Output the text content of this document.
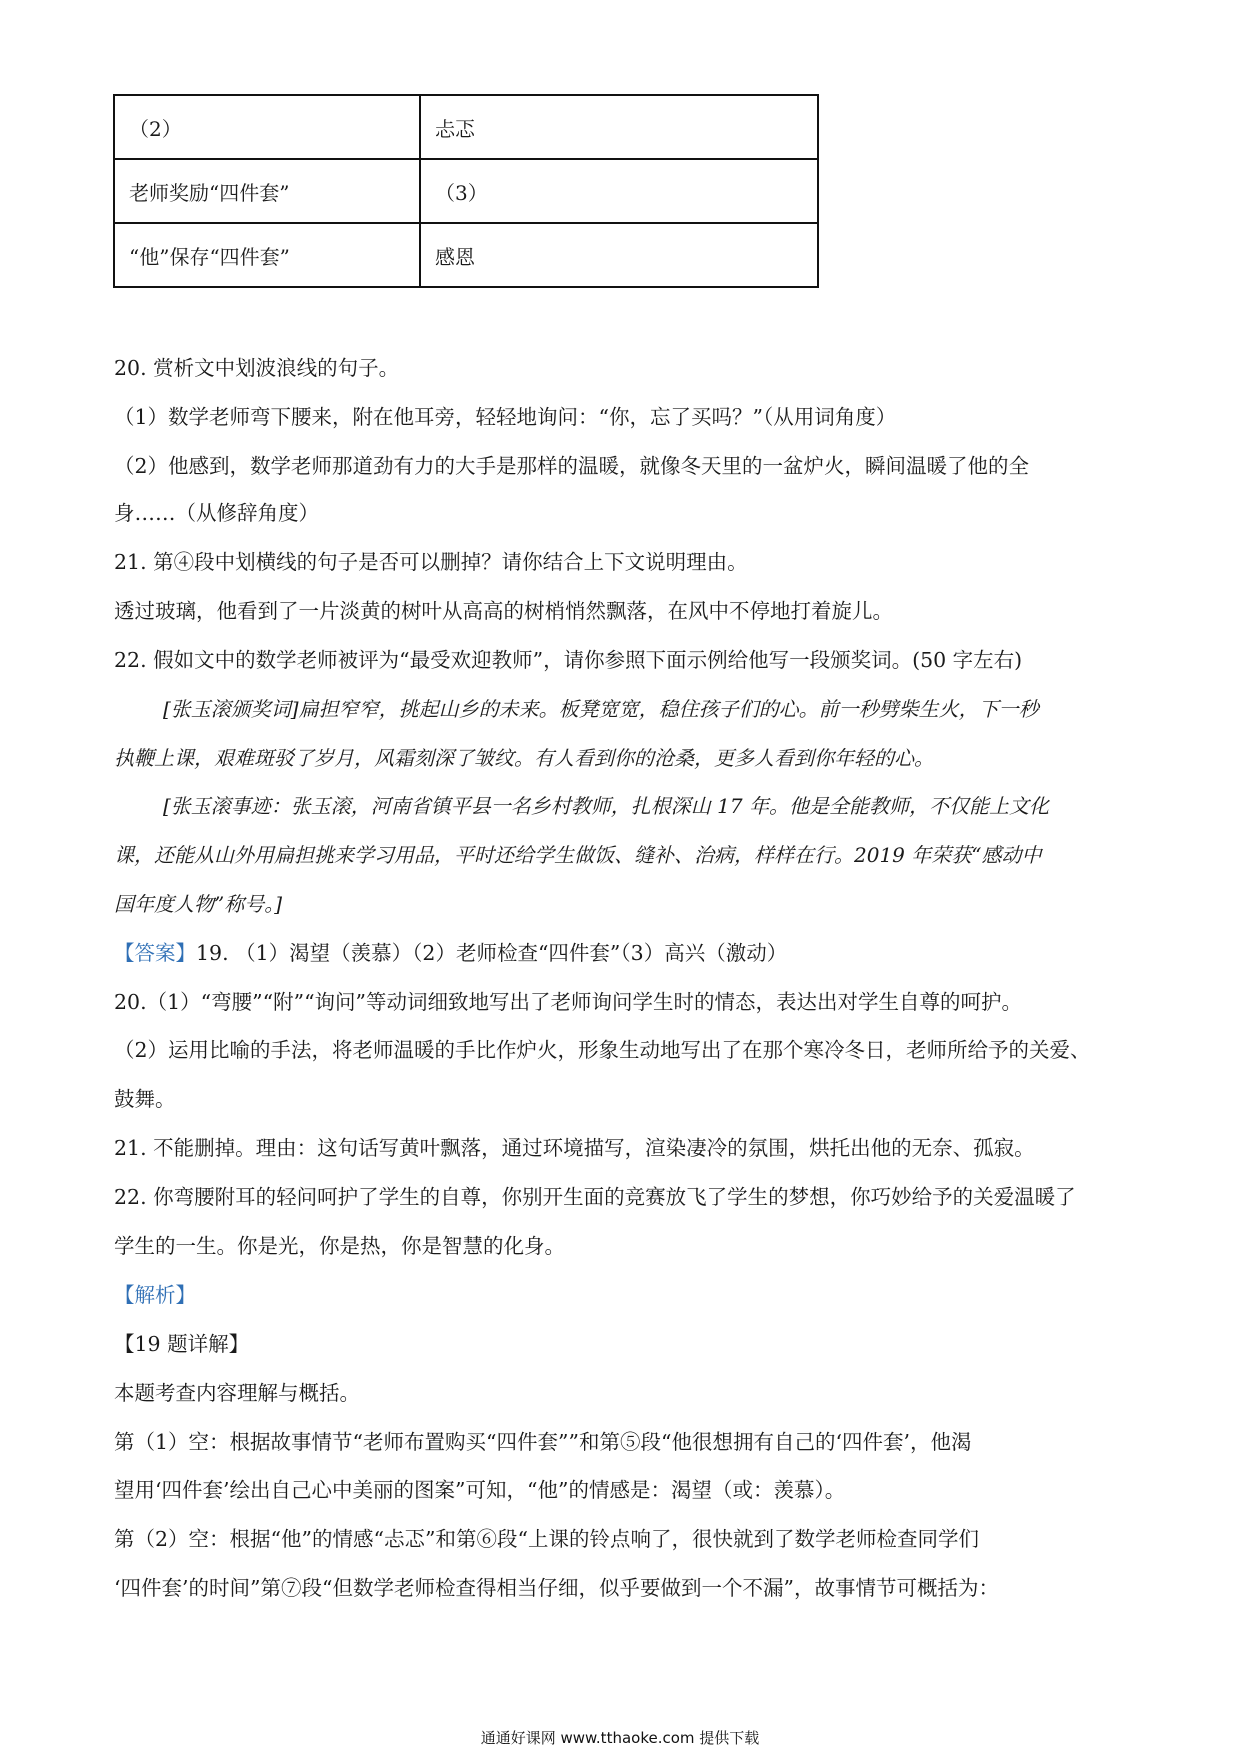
（2）	忐忑
老师奖励“四件套”	（3）
“他”保存“四件套”	感恩
20. 赏析文中划波浪线的句子。
（1）数学老师弯下腰来，附在他耳旁，轻轻地询问：“你，忘了买吗？”（从用词角度）
（2）他感到，数学老师那道劲有力的大手是那样的温暖，就像冬天里的一盆炉火，瞬间温暖了他的全
身……（从修辞角度）
21. 第④段中划横线的句子是否可以删掉？请你结合上下文说明理由。
透过玻璃，他看到了一片淡黄的树叶从高高的树梢悄然飘落，在风中不停地打着旋儿。
22. 假如文中的数学老师被评为“最受欢迎教师”，请你参照下面示例给他写一段颁奖词。(50 字左右)
[张玉滚颁奖词]扁担窄窄，挑起山乡的未来。板凳宽宽，稳住孩子们的心。前一秒劈柴生火，下一秒
执鞭上课，艰难斑驳了岁月，风霜刻深了皱纹。有人看到你的沧桑，更多人看到你年轻的心。
[张玉滚事迹：张玉滚，河南省镇平县一名乡村教师，扎根深山 17 年。他是全能教师，不仅能上文化
课，还能从山外用扁担挑来学习用品，平时还给学生做饭、缝补、治病，样样在行。2019 年荣获“感动中
国年度人物”称号。]
【答案】19. （1）渴望（羡慕）（2）老师检查“四件套”（3）高兴（激动）
20.（1）“弯腰”“附”“询问”等动词细致地写出了老师询问学生时的情态，表达出对学生自尊的呵护。
（2）运用比喻的手法，将老师温暖的手比作炉火，形象生动地写出了在那个寒冷冬日，老师所给予的关爱、
鼓舞。
21. 不能删掉。理由：这句话写黄叶飘落，通过环境描写，渲染凄冷的氛围，烘托出他的无奈、孤寂。
22. 你弯腰附耳的轻问呵护了学生的自尊，你别开生面的竞赛放飞了学生的梦想，你巧妙给予的关爱温暖了
学生的一生。你是光，你是热，你是智慧的化身。
【解析】
【19 题详解】
本题考查内容理解与概括。
第（1）空：根据故事情节“老师布置购买“四件套””和第⑤段“他很想拥有自己的‘四件套’，他渴
望用‘四件套’绘出自己心中美丽的图案”可知，“他”的情感是：渴望（或：羡慕）。
第（2）空：根据“他”的情感“忐忑”和第⑥段“上课的铃点响了，很快就到了数学老师检查同学们
‘四件套’的时间”第⑦段“但数学老师检查得相当仔细，似乎要做到一个不漏”，故事情节可概括为：
通通好课网 www.tthaoke.com 提供下载
